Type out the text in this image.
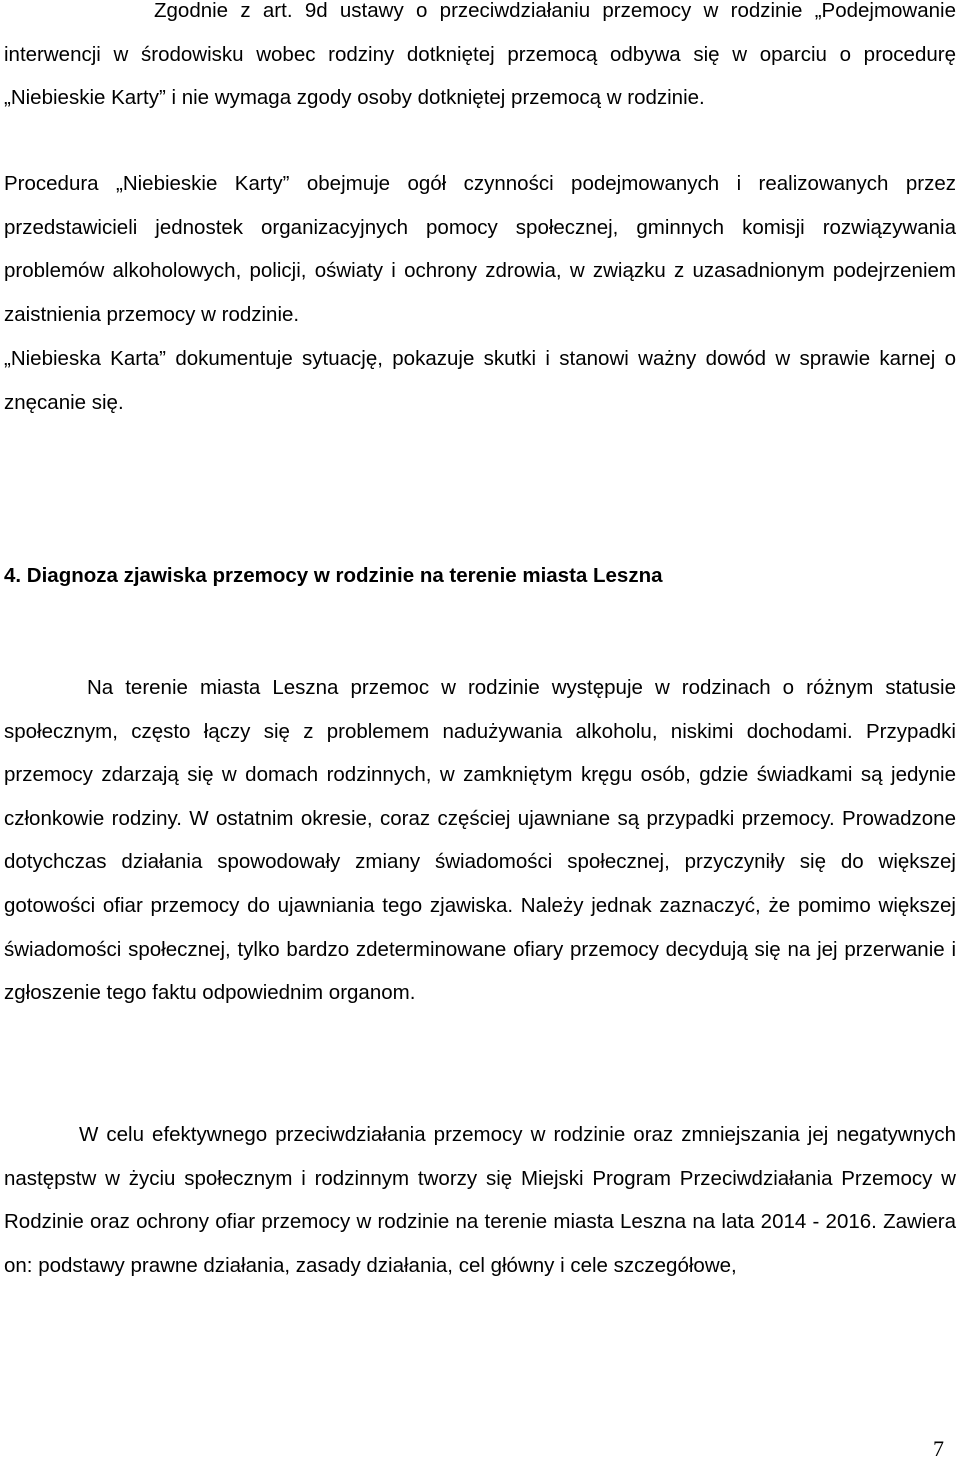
Zgodnie z art. 9d ustawy o przeciwdziałaniu przemocy w rodzinie „Podejmowanie interwencji w środowisku wobec rodziny dotkniętej przemocą odbywa się w oparciu o procedurę „Niebieskie Karty” i nie wymaga zgody osoby dotkniętej przemocą w rodzinie.

Procedura „Niebieskie Karty” obejmuje ogół czynności podejmowanych i realizowanych przez przedstawicieli jednostek organizacyjnych pomocy społecznej, gminnych komisji rozwiązywania problemów alkoholowych, policji, oświaty i ochrony zdrowia, w związku z uzasadnionym podejrzeniem zaistnienia przemocy w rodzinie.

„Niebieska Karta” dokumentuje sytuację, pokazuje skutki i stanowi ważny dowód w sprawie karnej o znęcanie się.

4. Diagnoza zjawiska przemocy w rodzinie na terenie miasta Leszna

Na terenie miasta Leszna przemoc w rodzinie występuje w rodzinach o różnym statusie społecznym, często łączy się z problemem nadużywania alkoholu, niskimi dochodami. Przypadki przemocy zdarzają się w domach rodzinnych, w zamkniętym kręgu osób, gdzie świadkami są jedynie członkowie rodziny. W ostatnim okresie, coraz częściej ujawniane są przypadki przemocy. Prowadzone dotychczas działania spowodowały zmiany świadomości społecznej, przyczyniły się do większej gotowości ofiar przemocy do ujawniania tego zjawiska. Należy jednak zaznaczyć, że pomimo większej świadomości społecznej, tylko bardzo zdeterminowane ofiary przemocy decydują się na jej przerwanie i zgłoszenie tego faktu odpowiednim organom.

W celu efektywnego przeciwdziałania przemocy w rodzinie oraz zmniejszania jej negatywnych następstw w życiu społecznym i rodzinnym tworzy się Miejski Program Przeciwdziałania Przemocy w Rodzinie oraz ochrony ofiar przemocy w rodzinie na terenie miasta Leszna na lata 2014 - 2016. Zawiera on: podstawy prawne działania, zasady działania, cel główny i cele szczegółowe,

7
